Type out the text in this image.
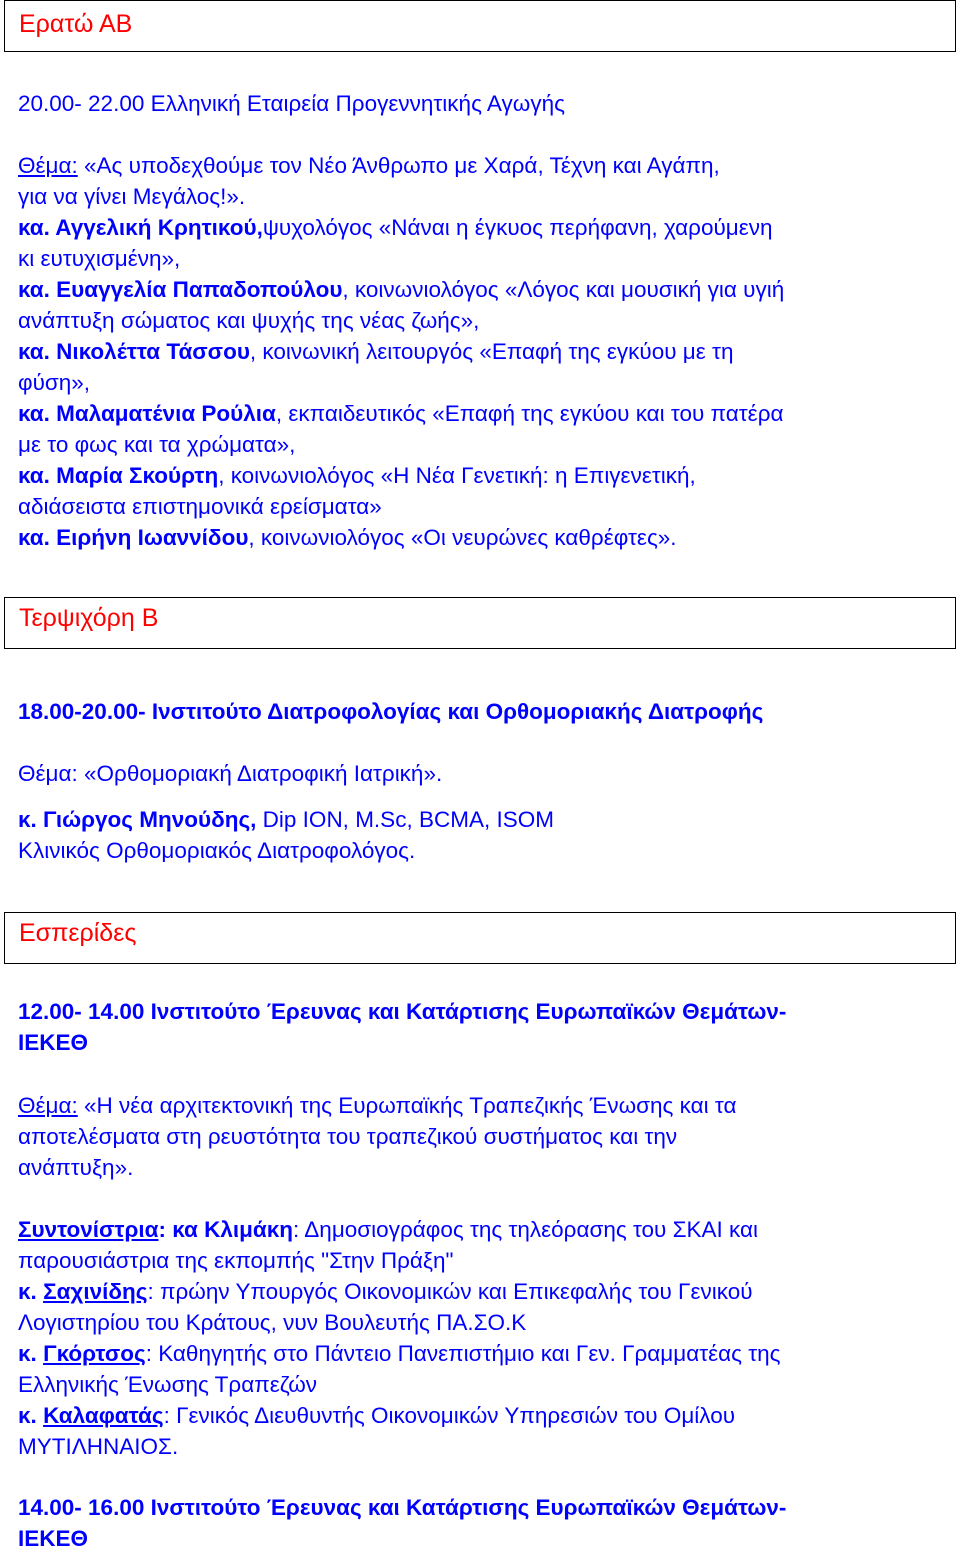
Ερατώ ΑΒ
20.00- 22.00 Ελληνική Εταιρεία Προγεννητικής Αγωγής
Θέμα: «Ας υποδεχθούμε τον Νέο Άνθρωπο με Χαρά, Τέχνη και Αγάπη,
για να γίνει Μεγάλος!».
κα. Αγγελική Κρητικού,ψυχολόγος «Νάναι η έγκυος περήφανη, χαρούμενη
κι ευτυχισμένη»,
κα. Ευαγγελία Παπαδοπούλου, κοινωνιολόγος «Λόγος και μουσική για υγιή
ανάπτυξη σώματος και ψυχής της νέας ζωής»,
κα. Νικολέττα Τάσσου, κοινωνική λειτουργός «Επαφή της εγκύου με τη
φύση»,
κα. Μαλαματένια Ρούλια, εκπαιδευτικός «Επαφή της εγκύου και του πατέρα
με το φως και τα χρώματα»,
κα. Μαρία Σκούρτη, κοινωνιολόγος «Η Νέα Γενετική: η Επιγενετική,
αδιάσειστα επιστημονικά ερείσματα»
κα. Ειρήνη Ιωαννίδου, κοινωνιολόγος «Οι νευρώνες καθρέφτες».
Τερψιχόρη Β
18.00-20.00- Ινστιτούτο Διατροφολογίας και Ορθομοριακής Διατροφής
Θέμα: «Ορθομοριακή Διατροφική Ιατρική».
κ. Γιώργος Μηνούδης, Dip ION, M.Sc, BCMA, ISOM
Κλινικός Ορθομοριακός Διατροφολόγος.
Εσπερίδες
12.00- 14.00 Ινστιτούτο Έρευνας και Κατάρτισης Ευρωπαϊκών Θεμάτων-
ΙΕΚΕΘ
Θέμα: «Η νέα αρχιτεκτονική της Ευρωπαϊκής Τραπεζικής Ένωσης και τα
αποτελέσματα στη ρευστότητα του τραπεζικού συστήματος και την
ανάπτυξη».
Συντονίστρια: κα Κλιμάκη: Δημοσιογράφος της τηλεόρασης του ΣΚΑΙ και
παρουσιάστρια της εκπομπής "Στην Πράξη"
κ. Σαχινίδης: πρώην Υπουργός Οικονομικών και Επικεφαλής του Γενικού
Λογιστηρίου του Κράτους, νυν Βουλευτής ΠΑ.ΣΟ.Κ
κ. Γκόρτσος: Καθηγητής στο Πάντειο Πανεπιστήμιο και Γεν. Γραμματέας της
Ελληνικής Ένωσης Τραπεζών
κ. Καλαφατάς: Γενικός Διευθυντής Οικονομικών Υπηρεσιών του Ομίλου
ΜΥΤΙΛΗΝΑΙΟΣ.
14.00- 16.00 Ινστιτούτο Έρευνας και Κατάρτισης Ευρωπαϊκών Θεμάτων-
ΙΕΚΕΘ
